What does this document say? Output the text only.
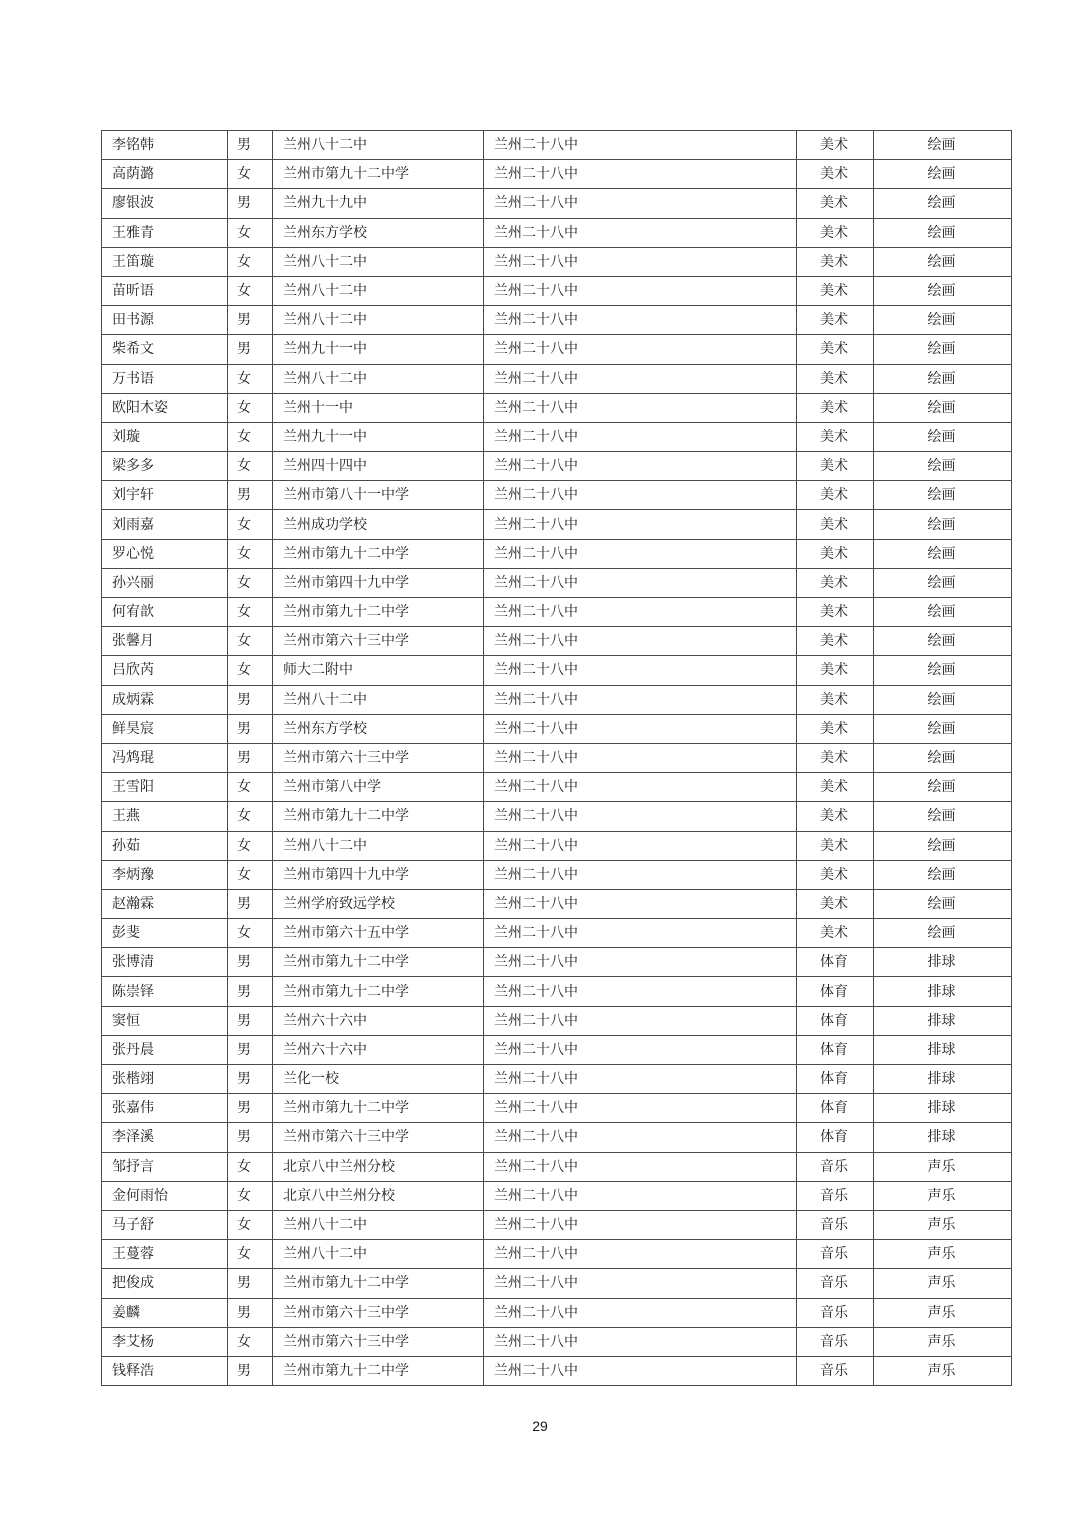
李铭韩	男	兰州八十二中	兰州二十八中	美术	绘画
高荫潞	女	兰州市第九十二中学	兰州二十八中	美术	绘画
廖银波	男	兰州九十九中	兰州二十八中	美术	绘画
王雅青	女	兰州东方学校	兰州二十八中	美术	绘画
王笛璇	女	兰州八十二中	兰州二十八中	美术	绘画
苗昕语	女	兰州八十二中	兰州二十八中	美术	绘画
田书源	男	兰州八十二中	兰州二十八中	美术	绘画
柴希文	男	兰州九十一中	兰州二十八中	美术	绘画
万书语	女	兰州八十二中	兰州二十八中	美术	绘画
欧阳木姿	女	兰州十一中	兰州二十八中	美术	绘画
刘璇	女	兰州九十一中	兰州二十八中	美术	绘画
梁多多	女	兰州四十四中	兰州二十八中	美术	绘画
刘宇轩	男	兰州市第八十一中学	兰州二十八中	美术	绘画
刘雨嘉	女	兰州成功学校	兰州二十八中	美术	绘画
罗心悦	女	兰州市第九十二中学	兰州二十八中	美术	绘画
孙兴丽	女	兰州市第四十九中学	兰州二十八中	美术	绘画
何宥歆	女	兰州市第九十二中学	兰州二十八中	美术	绘画
张馨月	女	兰州市第六十三中学	兰州二十八中	美术	绘画
吕欣芮	女	师大二附中	兰州二十八中	美术	绘画
成炳霖	男	兰州八十二中	兰州二十八中	美术	绘画
鲜昊宸	男	兰州东方学校	兰州二十八中	美术	绘画
冯鸩琨	男	兰州市第六十三中学	兰州二十八中	美术	绘画
王雪阳	女	兰州市第八中学	兰州二十八中	美术	绘画
王燕	女	兰州市第九十二中学	兰州二十八中	美术	绘画
孙茹	女	兰州八十二中	兰州二十八中	美术	绘画
李炳豫	女	兰州市第四十九中学	兰州二十八中	美术	绘画
赵瀚霖	男	兰州学府致远学校	兰州二十八中	美术	绘画
彭斐	女	兰州市第六十五中学	兰州二十八中	美术	绘画
张博清	男	兰州市第九十二中学	兰州二十八中	体育	排球
陈崇铎	男	兰州市第九十二中学	兰州二十八中	体育	排球
窦恒	男	兰州六十六中	兰州二十八中	体育	排球
张丹晨	男	兰州六十六中	兰州二十八中	体育	排球
张楷翊	男	兰化一校	兰州二十八中	体育	排球
张嘉伟	男	兰州市第九十二中学	兰州二十八中	体育	排球
李泽溪	男	兰州市第六十三中学	兰州二十八中	体育	排球
邹抒言	女	北京八中兰州分校	兰州二十八中	音乐	声乐
金何雨怡	女	北京八中兰州分校	兰州二十八中	音乐	声乐
马子舒	女	兰州八十二中	兰州二十八中	音乐	声乐
王蔓蓉	女	兰州八十二中	兰州二十八中	音乐	声乐
把俊成	男	兰州市第九十二中学	兰州二十八中	音乐	声乐
姜麟	男	兰州市第六十三中学	兰州二十八中	音乐	声乐
李艾杨	女	兰州市第六十三中学	兰州二十八中	音乐	声乐
钱释浩	男	兰州市第九十二中学	兰州二十八中	音乐	声乐
29
